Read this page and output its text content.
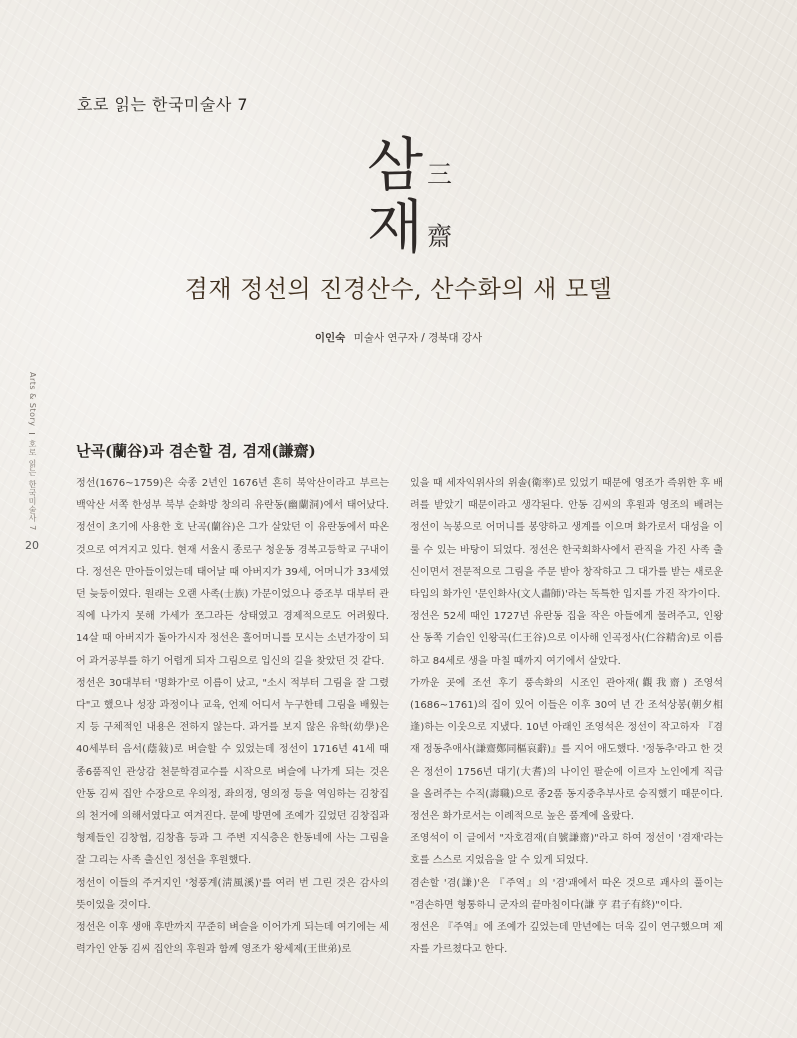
호로 읽는 한국미술사 7
삼 三
재 齋
겸재 정선의 진경산수, 산수화의 새 모델
이인숙 미술사 연구자 / 경북대 강사
Arts & Story  호로 읽는 한국미술사 7
20
난곡(蘭谷)과 겸손할 겸, 겸재(謙齋)

정선(1676~1759)은 숙종 2년인 1676년 흔히 북악산이라고 부르는 백악산 서쪽 한성부 북부 순화방 창의리 유란동(幽蘭洞)에서 태어났다. 정선이 초기에 사용한 호 난곡(蘭谷)은 그가 살았던 이 유란동에서 따온 것으로 여겨지고 있다. 현재 서울시 종로구 청운동 경복고등학교 구내이다. 정선은 만아들이었는데 태어날 때 아버지가 39세, 어머니가 33세였던 늦둥이였다. 원래는 오랜 사족(士族) 가문이었으나 증조부 대부터 관직에 나가지 못해 가세가 쪼그라든 상태였고 경제적으로도 어려웠다. 14살 때 아버지가 돌아가시자 정선은 홀어머니를 모시는 소년가장이 되어 과거공부를 하기 어렵게 되자 그림으로 입신의 길을 찾았던 것 같다.

정선은 30대부터 '명화가'로 이름이 났고, "소시 적부터 그림을 잘 그렸다"고 했으나 성장 과정이나 교육, 언제 어디서 누구한테 그림을 배웠는지 등 구체적인 내용은 전하지 않는다. 과거를 보지 않은 유학(幼學)은 40세부터 음서(蔭敍)로 벼슬할 수 있었는데 정선이 1716년 41세 때 종6품직인 관상감 천문학겸교수를 시작으로 벼슬에 나가게 되는 것은 안동 김씨 집안 수장으로 우의정, 좌의정, 영의정 등을 역임하는 김창집의 천거에 의해서였다고 여겨진다. 문예 방면에 조예가 깊었던 김창집과 형제들인 김창협, 김창흡 등과 그 주변 지식층은 한동네에 사는 그림을 잘 그리는 사족 출신인 정선을 후원했다.

정선이 이들의 주거지인 '청풍계(淸風溪)'를 여러 번 그린 것은 감사의 뜻이었을 것이다.

정선은 이후 생애 후반까지 꾸준히 벼슬을 이어가게 되는데 여기에는 세력가인 안동 김씨 집안의 후원과 함께 영조가 왕세제(王世弟)로

있을 때 세자익위사의 위솔(衛率)로 있었기 때문에 영조가 즉위한 후 배려를 받았기 때문이라고 생각된다. 안동 김씨의 후원과 영조의 배려는 정선이 녹봉으로 어머니를 봉양하고 생계를 이으며 화가로서 대성을 이룰 수 있는 바탕이 되었다. 정선은 한국회화사에서 관직을 가진 사족 출신이면서 전문적으로 그림을 주문 받아 창작하고 그 대가를 받는 새로운 타입의 화가인 '문인화사(文人畵師)'라는 독특한 입지를 가진 작가이다.

정선은 52세 때인 1727년 유란동 집을 작은 아들에게 물려주고, 인왕산 동쪽 기슭인 인왕곡(仁王谷)으로 이사해 인곡정사(仁谷精舍)로 이름하고 84세로 생을 마칠 때까지 여기에서 살았다.

가까운 곳에 조선 후기 풍속화의 시조인 관아재(觀我齋) 조영석(1686~1761)의 집이 있어 이들은 이후 30여 년 간 조석상봉(朝夕相逢)하는 이웃으로 지냈다. 10년 아래인 조영석은 정선이 작고하자 『겸재 정동추애사(謙齋鄭同樞哀辭)』를 지어 애도했다. '정동추'라고 한 것은 정선이 1756년 대기(大耆)의 나이인 팔순에 이르자 노인에게 직급을 올려주는 수직(壽職)으로 종2품 동지중추부사로 승직했기 때문이다. 정선은 화가로서는 이례적으로 높은 품계에 올랐다.

조영석이 이 글에서 "자호겸재(自號謙齋)"라고 하여 정선이 '겸재'라는 호를 스스로 지었음을 알 수 있게 되었다.

겸손할 '겸(謙)'은 『주역』의 '겸'괘에서 따온 것으로 괘사의 풀이는 "겸손하면 형통하니 군자의 끝마침이다(謙 亨 君子有終)"이다.

정선은 『주역』에 조예가 깊었는데 만년에는 더욱 깊이 연구했으며 제자를 가르쳤다고 한다.
